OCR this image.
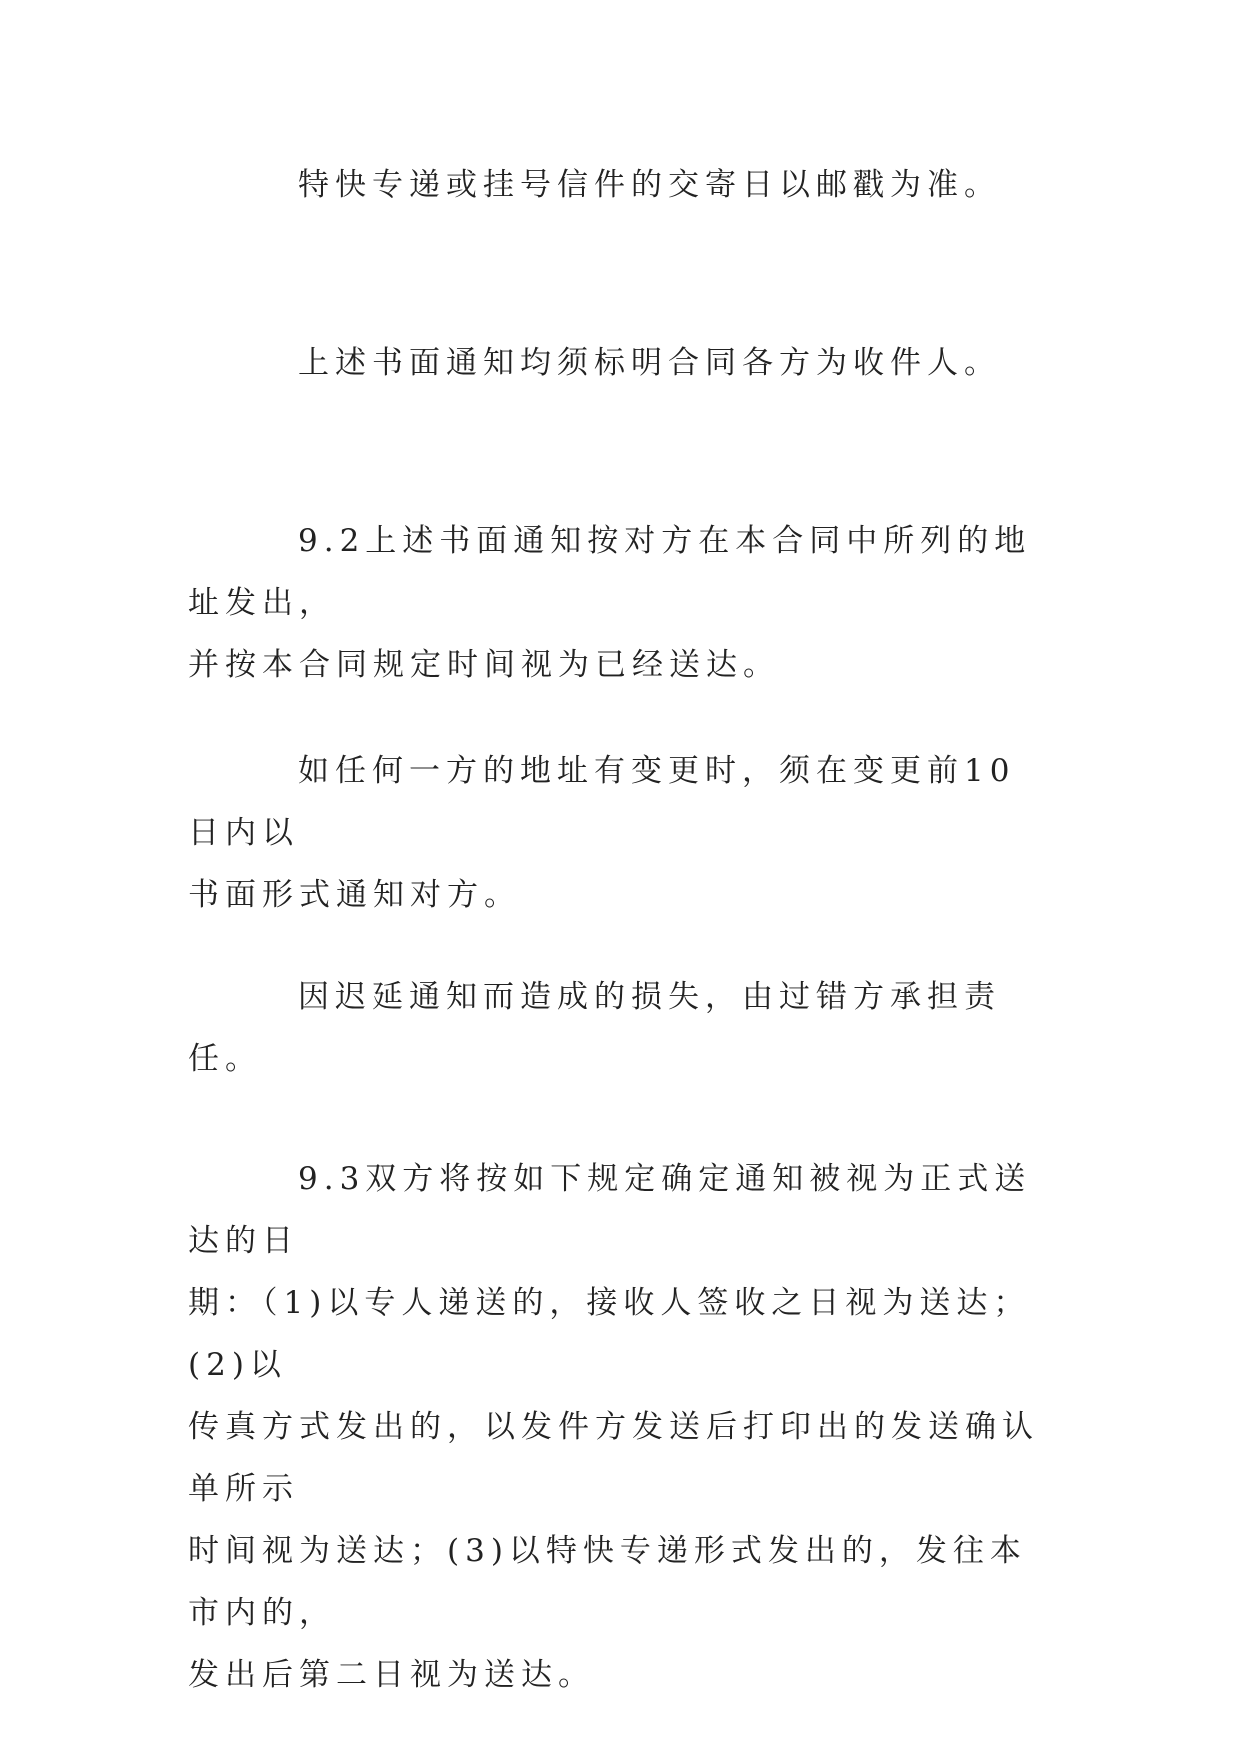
特快专递或挂号信件的交寄日以邮戳为准。

上述书面通知均须标明合同各方为收件人。

9.2上述书面通知按对方在本合同中所列的地址发出，
并按本合同规定时间视为已经送达。

如任何一方的地址有变更时，须在变更前10日内以
书面形式通知对方。

因迟延通知而造成的损失，由过错方承担责任。

9.3双方将按如下规定确定通知被视为正式送达的日
期：（1)以专人递送的，接收人签收之日视为送达；(2)以
传真方式发出的，以发件方发送后打印出的发送确认单所示
时间视为送达；(3)以特快专递形式发出的，发往本市内的，
发出后第二日视为送达。
